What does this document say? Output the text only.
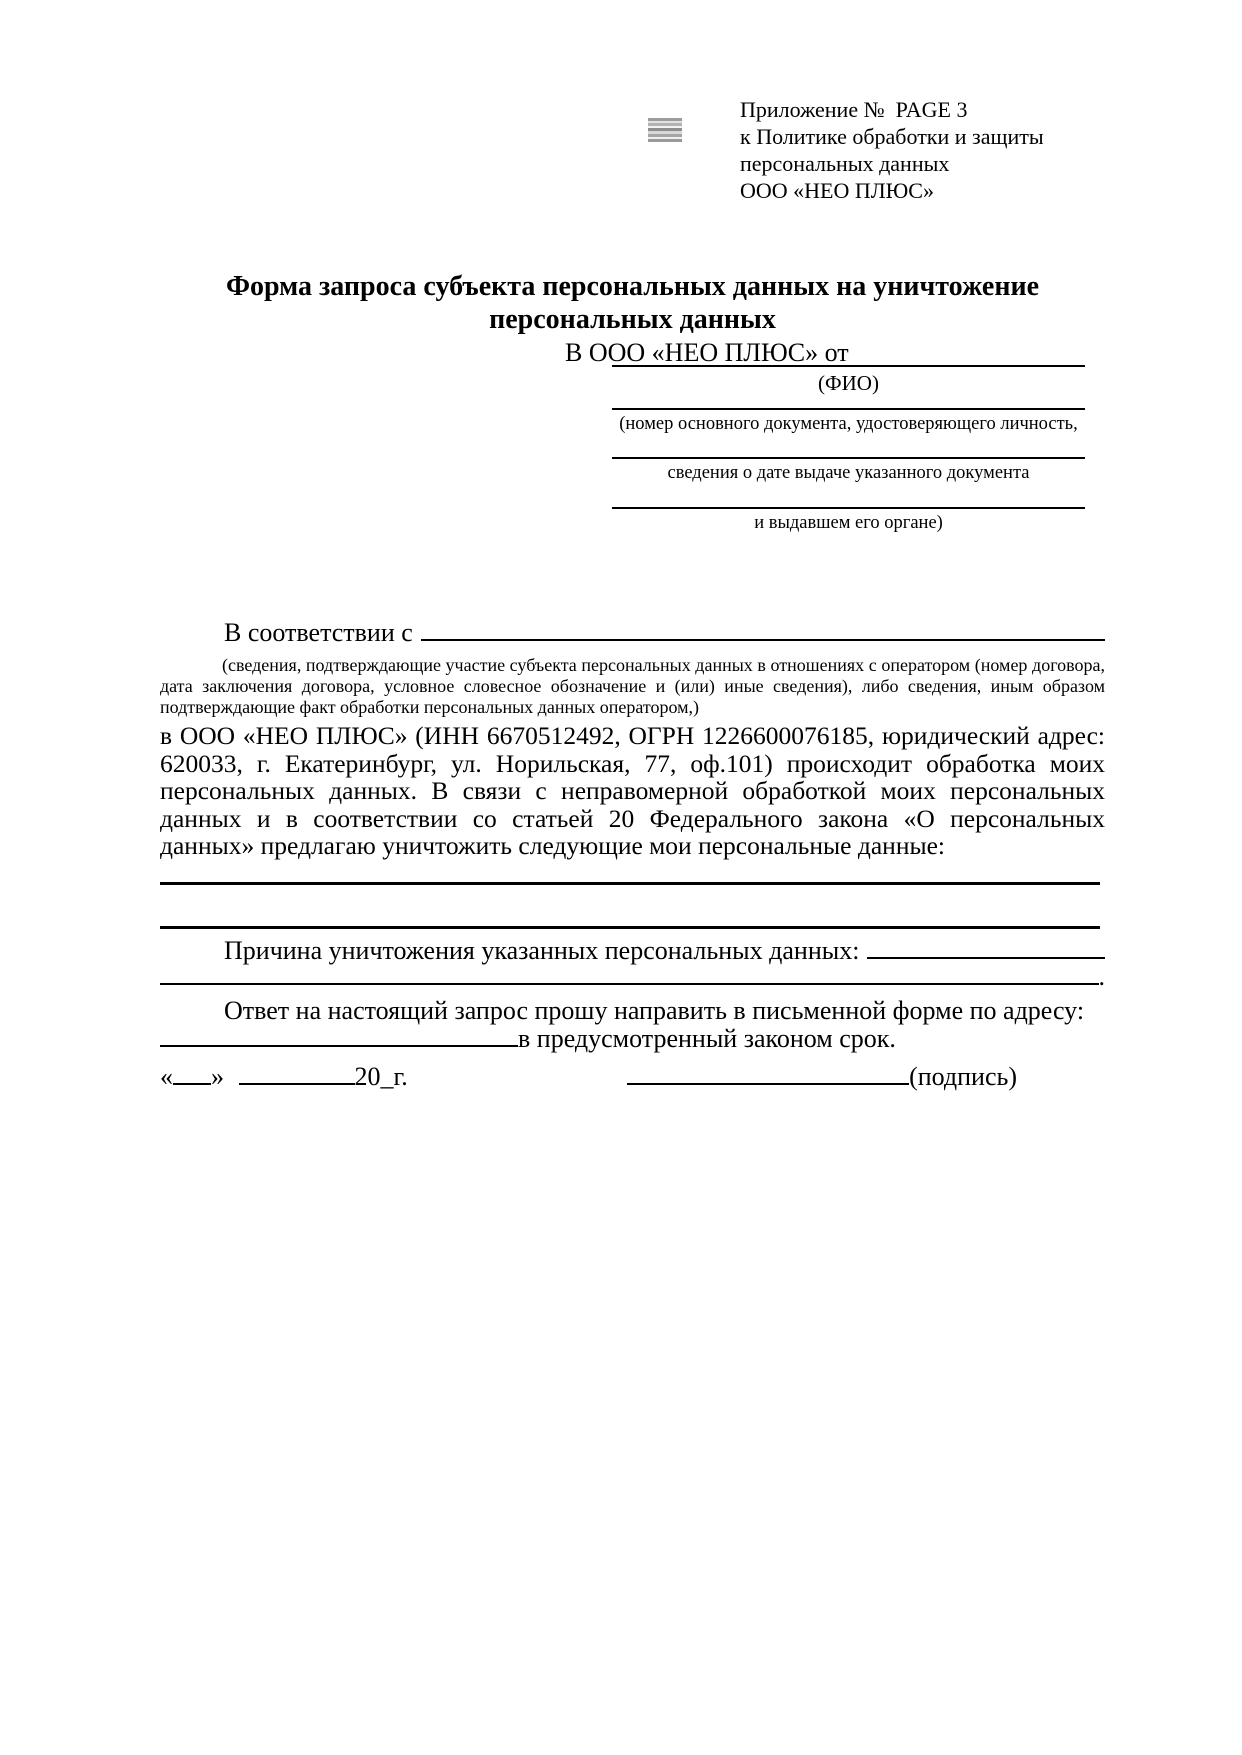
Приложение №  PAGE 3
к Политике обработки и защиты
персональных данных
ООО «НЕО ПЛЮС»
Форма запроса субъекта персональных данных на уничтожение персональных данных
В ООО «НЕО ПЛЮС» от
(ФИО)
(номер основного документа, удостоверяющего личность,
сведения о дате выдаче указанного документа
и выдавшем его органе)
В соответствии с
(сведения, подтверждающие участие субъекта персональных данных в отношениях с оператором (номер договора, дата заключения договора, условное словесное обозначение и (или) иные сведения), либо сведения, иным образом подтверждающие факт обработки персональных данных оператором,)
в ООО «НЕО ПЛЮС» (ИНН 6670512492, ОГРН 1226600076185, юридический адрес: 620033, г. Екатеринбург, ул. Норильская, 77, оф.101) происходит обработка моих персональных данных. В связи с неправомерной обработкой моих персональных данных и в соответствии со статьей 20 Федерального закона «О персональных данных» предлагаю уничтожить следующие мои персональные данные:
Причина уничтожения указанных персональных данных:
.
Ответ на настоящий запрос прошу направить в письменной форме по адресу:
в предусмотренный законом срок.
« »	20_г.	(подпись)
